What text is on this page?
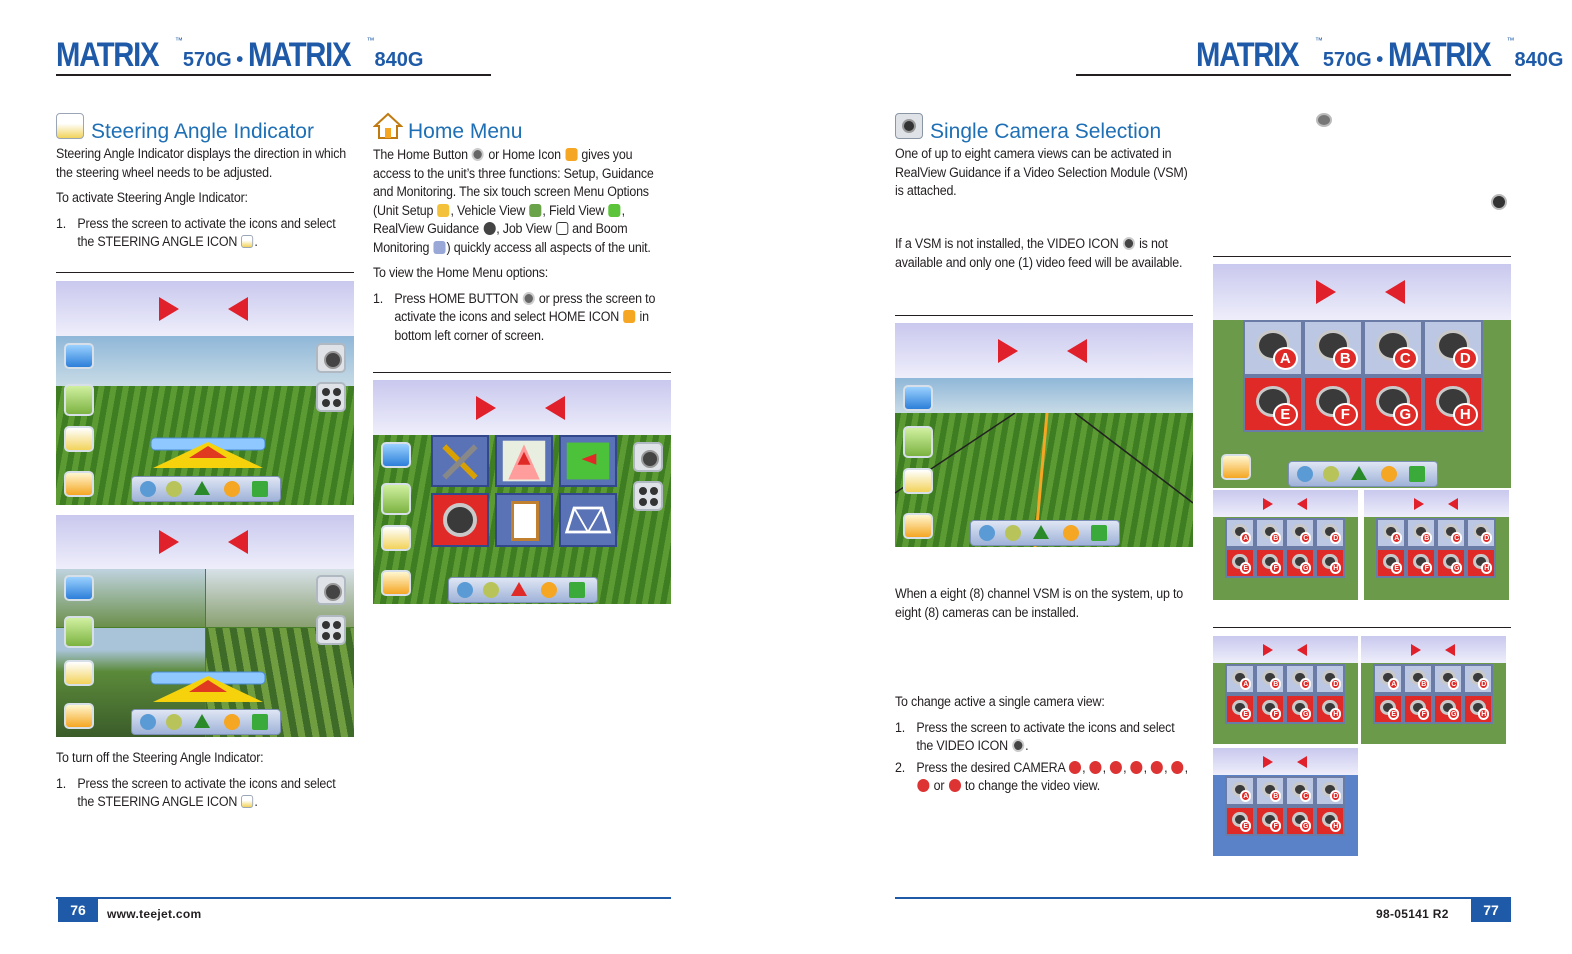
MATRIX ™570G • MATRIX ™840G	MATRIX ™570G • MATRIX ™840G
Steering Angle Indicator

Steering Angle Indicator displays the direction in which the steering wheel needs to be adjusted.

To activate Steering Angle Indicator:

1. Press the screen to activate the icons and select the STEERING ANGLE ICON .

To turn off the Steering Angle Indicator:

1. Press the screen to activate the icons and select the STEERING ANGLE ICON .
Home Menu

The Home Button or Home Icon gives you access to the unit’s three functions: Setup, Guidance and Monitoring. The six touch screen Menu Options (Unit Setup , Vehicle View , Field View , RealView Guidance , Job View and Boom Monitoring ) quickly access all aspects of the unit.

To view the Home Menu options:

1. Press HOME BUTTON or press the screen to activate the icons and select HOME ICON in bottom left corner of screen.
76	www.teejet.com
Single Camera Selection

One of up to eight camera views can be activated in RealView Guidance if a Video Selection Module (VSM) is attached.

If a VSM is not installed, the VIDEO ICON is not available and only one (1) video feed will be available.

When a eight (8) channel VSM is on the system, up to eight (8) cameras can be installed.

To change active a single camera view:

1. Press the screen to activate the icons and select the VIDEO ICON .
2. Press the desired CAMERA , , , , , ,  or to change the video view.
A	B	C	D
E	F	G	H
A	B	C	D
E	F	G	H
A	B	C	D
E	F	G	H
A	B	C	D
E	F	G	H
A	B	C	D
E	F	G	H
A	B	C	D
E	F	G	H
98-05141 R2	77
